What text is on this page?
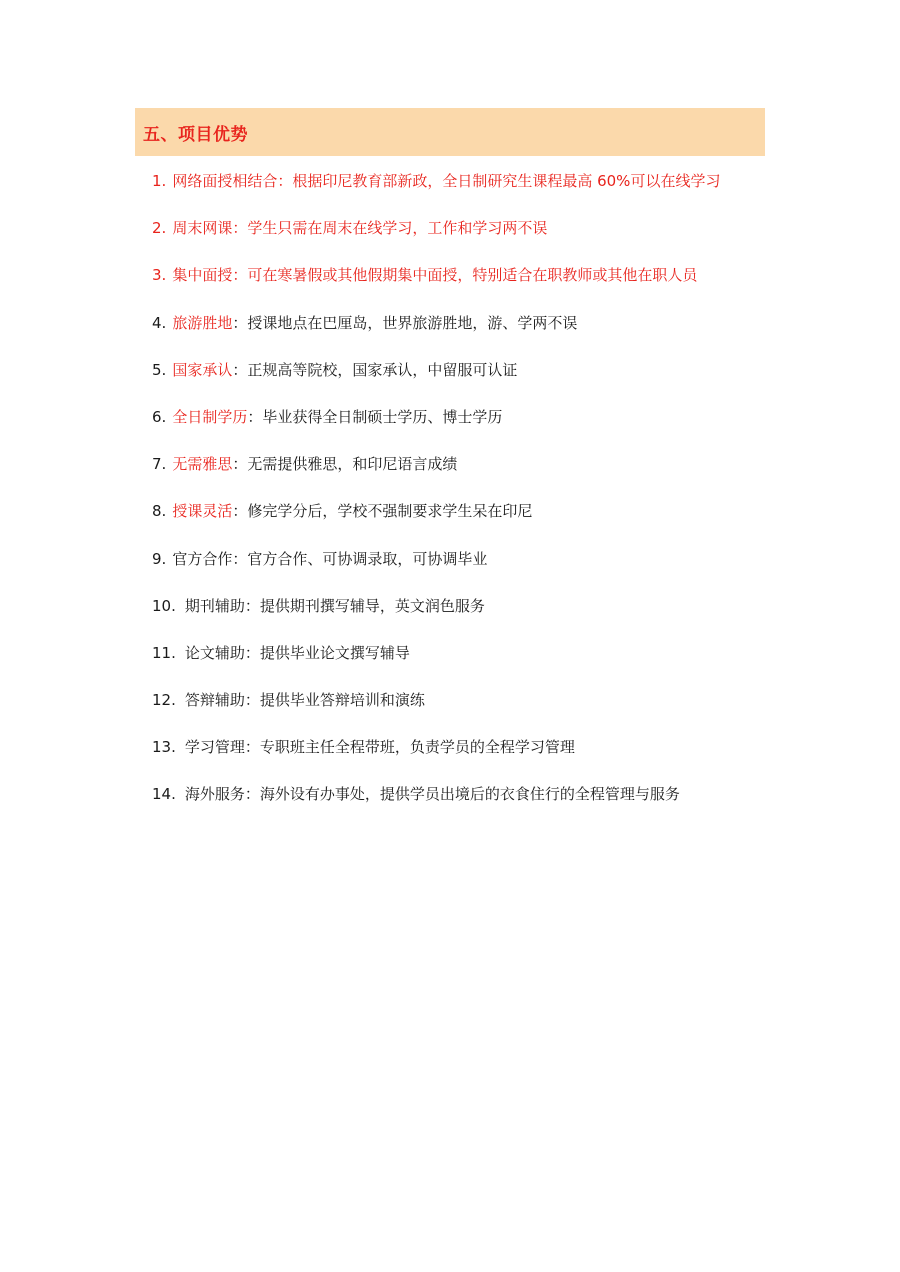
五、项目优势
1. 网络面授相结合：根据印尼教育部新政，全日制研究生课程最高 60%可以在线学习
2. 周末网课：学生只需在周末在线学习，工作和学习两不误
3. 集中面授：可在寒暑假或其他假期集中面授，特别适合在职教师或其他在职人员
4. 旅游胜地：授课地点在巴厘岛，世界旅游胜地，游、学两不误
5. 国家承认：正规高等院校，国家承认，中留服可认证
6. 全日制学历：毕业获得全日制硕士学历、博士学历
7. 无需雅思：无需提供雅思，和印尼语言成绩
8. 授课灵活：修完学分后，学校不强制要求学生呆在印尼
9. 官方合作：官方合作、可协调录取，可协调毕业
10. 期刊辅助：提供期刊撰写辅导，英文润色服务
11. 论文辅助：提供毕业论文撰写辅导
12. 答辩辅助：提供毕业答辩培训和演练
13. 学习管理：专职班主任全程带班，负责学员的全程学习管理
14. 海外服务：海外设有办事处，提供学员出境后的衣食住行的全程管理与服务
